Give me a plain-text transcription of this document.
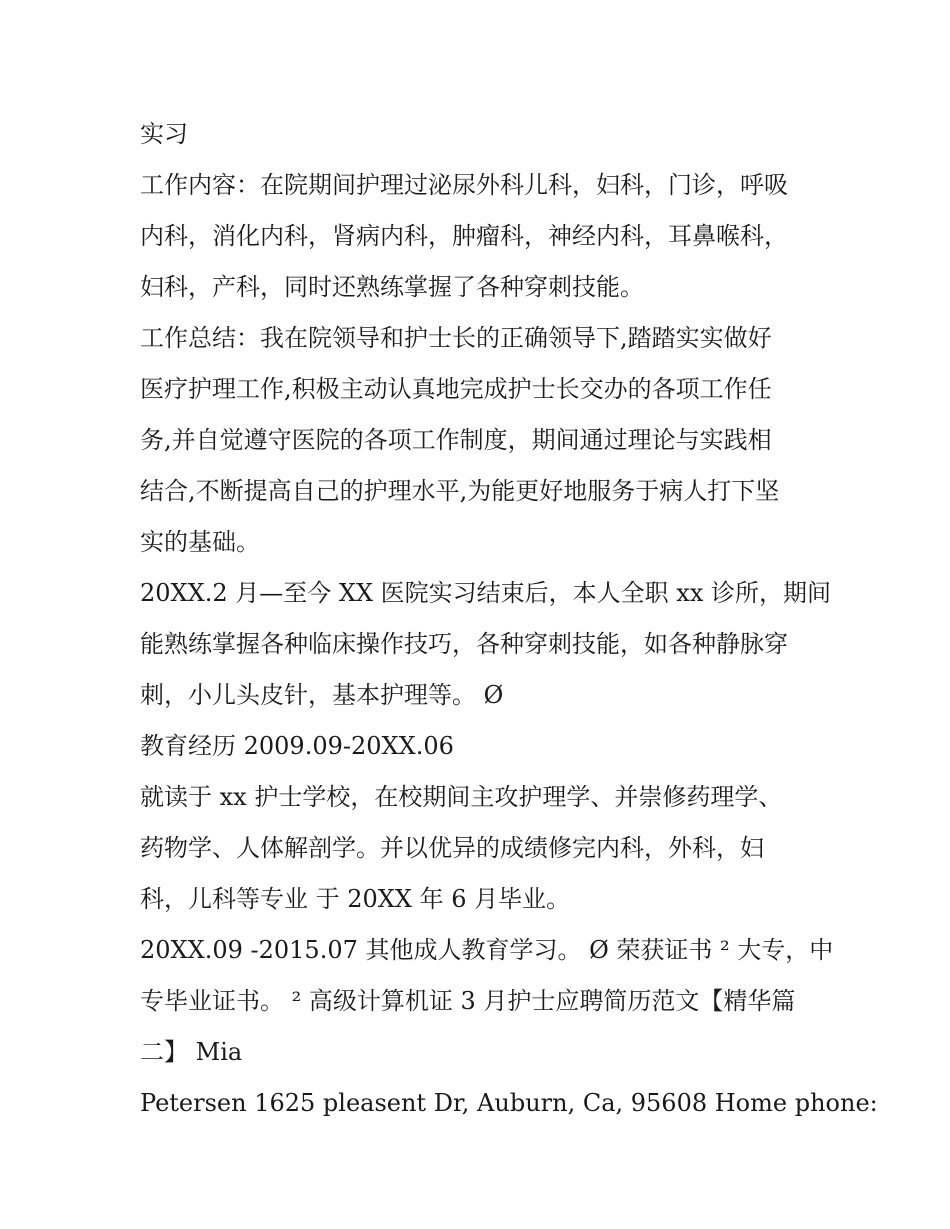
实习
工作内容：在院期间护理过泌尿外科儿科，妇科，门诊，呼吸
内科，消化内科，肾病内科，肿瘤科，神经内科，耳鼻喉科，
妇科，产科，同时还熟练掌握了各种穿刺技能。
工作总结：我在院领导和护士长的正确领导下,踏踏实实做好
医疗护理工作,积极主动认真地完成护士长交办的各项工作任
务,并自觉遵守医院的各项工作制度，期间通过理论与实践相
结合,不断提高自己的护理水平,为能更好地服务于病人打下坚
实的基础。
20XX.2 月—至今 XX 医院实习结束后，本人全职 xx 诊所，期间
能熟练掌握各种临床操作技巧，各种穿刺技能，如各种静脉穿
刺，小儿头皮针，基本护理等。 Ø
教育经历 2009.09-20XX.06
就读于 xx 护士学校，在校期间主攻护理学、并崇修药理学、
药物学、人体解剖学。并以优异的成绩修完内科，外科，妇
科，儿科等专业 于 20XX 年 6 月毕业。
20XX.09 -2015.07 其他成人教育学习。 Ø 荣获证书 ² 大专，中
专毕业证书。 ² 高级计算机证 3 月护士应聘简历范文【精华篇
二】 Mia
Petersen 1625 pleasent Dr, Auburn, Ca, 95608 Home phone:
